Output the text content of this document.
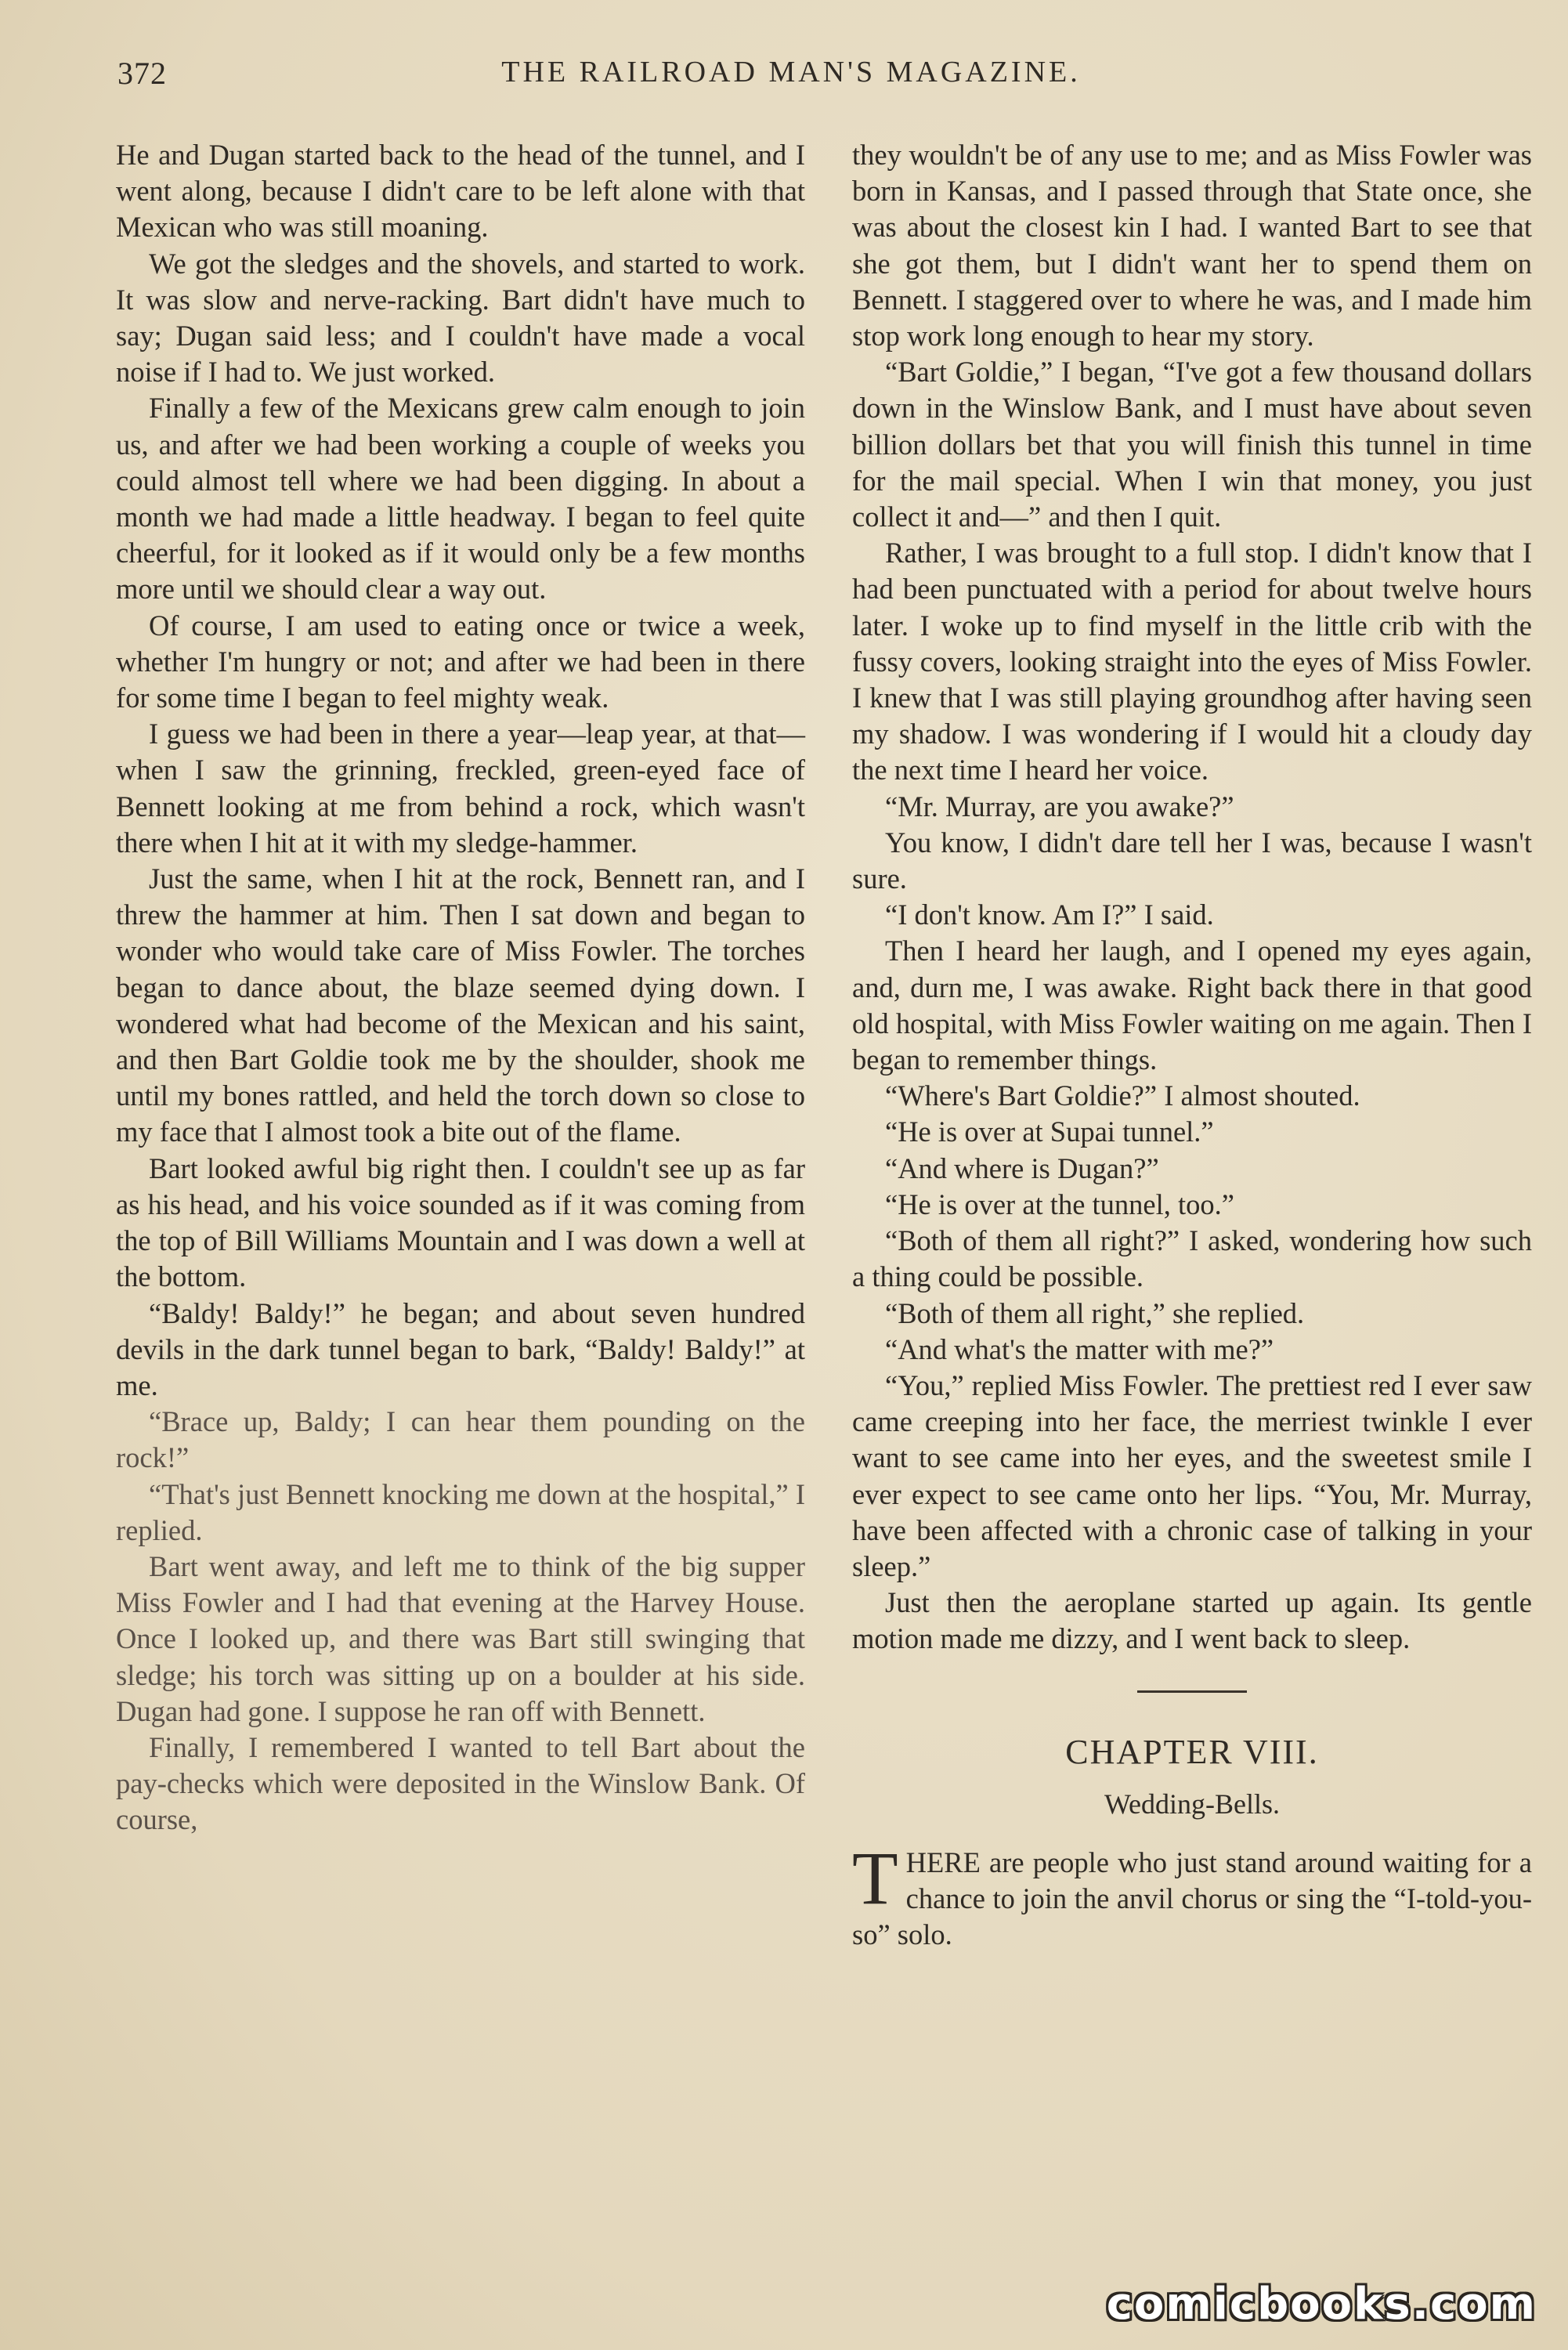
372	THE RAILROAD MAN'S MAGAZINE.

He and Dugan started back to the head of the tunnel, and I went along, because I didn't care to be left alone with that Mexican who was still moaning.

We got the sledges and the shovels, and started to work. It was slow and nerve-racking. Bart didn't have much to say; Dugan said less; and I couldn't have made a vocal noise if I had to. We just worked.

Finally a few of the Mexicans grew calm enough to join us, and after we had been working a couple of weeks you could almost tell where we had been digging. In about a month we had made a little headway. I began to feel quite cheerful, for it looked as if it would only be a few months more until we should clear a way out.

Of course, I am used to eating once or twice a week, whether I'm hungry or not; and after we had been in there for some time I began to feel mighty weak.

I guess we had been in there a year—leap year, at that—when I saw the grinning, freckled, green-eyed face of Bennett looking at me from behind a rock, which wasn't there when I hit at it with my sledge-hammer.

Just the same, when I hit at the rock, Bennett ran, and I threw the hammer at him. Then I sat down and began to wonder who would take care of Miss Fowler. The torches began to dance about, the blaze seemed dying down. I wondered what had become of the Mexican and his saint, and then Bart Goldie took me by the shoulder, shook me until my bones rattled, and held the torch down so close to my face that I almost took a bite out of the flame.

Bart looked awful big right then. I couldn't see up as far as his head, and his voice sounded as if it was coming from the top of Bill Williams Mountain and I was down a well at the bottom.

“Baldy! Baldy!” he began; and about seven hundred devils in the dark tunnel began to bark, “Baldy! Baldy!” at me.

“Brace up, Baldy; I can hear them pounding on the rock!”

“That's just Bennett knocking me down at the hospital,” I replied.

Bart went away, and left me to think of the big supper Miss Fowler and I had that evening at the Harvey House. Once I looked up, and there was Bart still swinging that sledge; his torch was sitting up on a boulder at his side. Dugan had gone. I suppose he ran off with Bennett.

Finally, I remembered I wanted to tell Bart about the pay-checks which were deposited in the Winslow Bank. Of course,

they wouldn't be of any use to me; and as Miss Fowler was born in Kansas, and I passed through that State once, she was about the closest kin I had. I wanted Bart to see that she got them, but I didn't want her to spend them on Bennett. I staggered over to where he was, and I made him stop work long enough to hear my story.

“Bart Goldie,” I began, “I've got a few thousand dollars down in the Winslow Bank, and I must have about seven billion dollars bet that you will finish this tunnel in time for the mail special. When I win that money, you just collect it and—” and then I quit.

Rather, I was brought to a full stop. I didn't know that I had been punctuated with a period for about twelve hours later. I woke up to find myself in the little crib with the fussy covers, looking straight into the eyes of Miss Fowler. I knew that I was still playing groundhog after having seen my shadow. I was wondering if I would hit a cloudy day the next time I heard her voice.

“Mr. Murray, are you awake?”

You know, I didn't dare tell her I was, because I wasn't sure.

“I don't know. Am I?” I said.

Then I heard her laugh, and I opened my eyes again, and, durn me, I was awake. Right back there in that good old hospital, with Miss Fowler waiting on me again. Then I began to remember things.

“Where's Bart Goldie?” I almost shouted.

“He is over at Supai tunnel.”

“And where is Dugan?”

“He is over at the tunnel, too.”

“Both of them all right?” I asked, wondering how such a thing could be possible.

“Both of them all right,” she replied.

“And what's the matter with me?”

“You,” replied Miss Fowler. The prettiest red I ever saw came creeping into her face, the merriest twinkle I ever want to see came into her eyes, and the sweetest smile I ever expect to see came onto her lips. “You, Mr. Murray, have been affected with a chronic case of talking in your sleep.”

Just then the aeroplane started up again. Its gentle motion made me dizzy, and I went back to sleep.

CHAPTER VIII.
Wedding-Bells.
T HERE are people who just stand around waiting for a chance to join the anvil chorus or sing the “I-told-you-so” solo.

comicbooks.com
